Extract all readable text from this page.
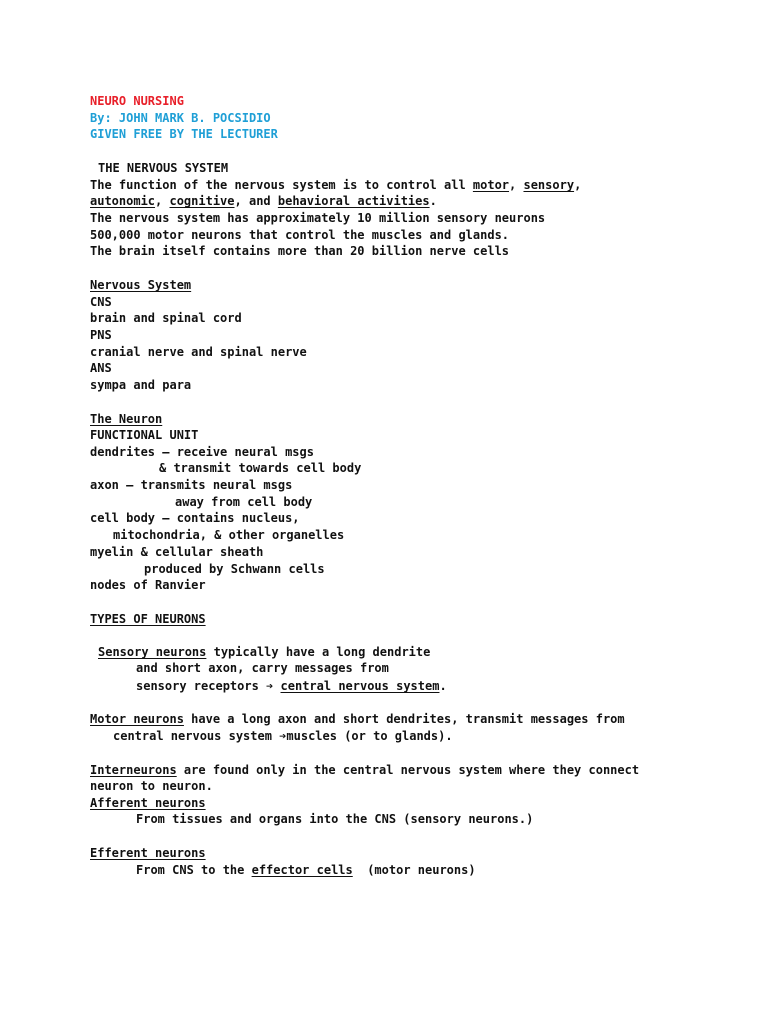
NEURO NURSING
By: JOHN MARK B. POCSIDIO
GIVEN FREE BY THE LECTURER
THE NERVOUS SYSTEM
The function of the nervous system is to control all motor, sensory,
autonomic, cognitive, and behavioral activities.
The nervous system has approximately 10 million sensory neurons
500,000 motor neurons that control the muscles and glands.
The brain itself contains more than 20 billion nerve cells
Nervous System
CNS
brain and spinal cord
PNS
cranial nerve and spinal nerve
ANS
sympa and para
The Neuron
FUNCTIONAL UNIT
dendrites – receive neural msgs
& transmit towards cell body
axon – transmits neural msgs
away from cell body
cell body – contains nucleus,
mitochondria, & other organelles
myelin & cellular sheath
produced by Schwann cells
nodes of Ranvier
TYPES OF NEURONS
Sensory neurons typically have a long dendrite
and short axon, carry messages from
sensory receptors ➔ central nervous system.
Motor neurons have a long axon and short dendrites, transmit messages from
central nervous system ➔muscles (or to glands).
Interneurons are found only in the central nervous system where they connect
neuron to neuron.
Afferent neurons
From tissues and organs into the CNS (sensory neurons.)
Efferent neurons
From CNS to the effector cells  (motor neurons)
